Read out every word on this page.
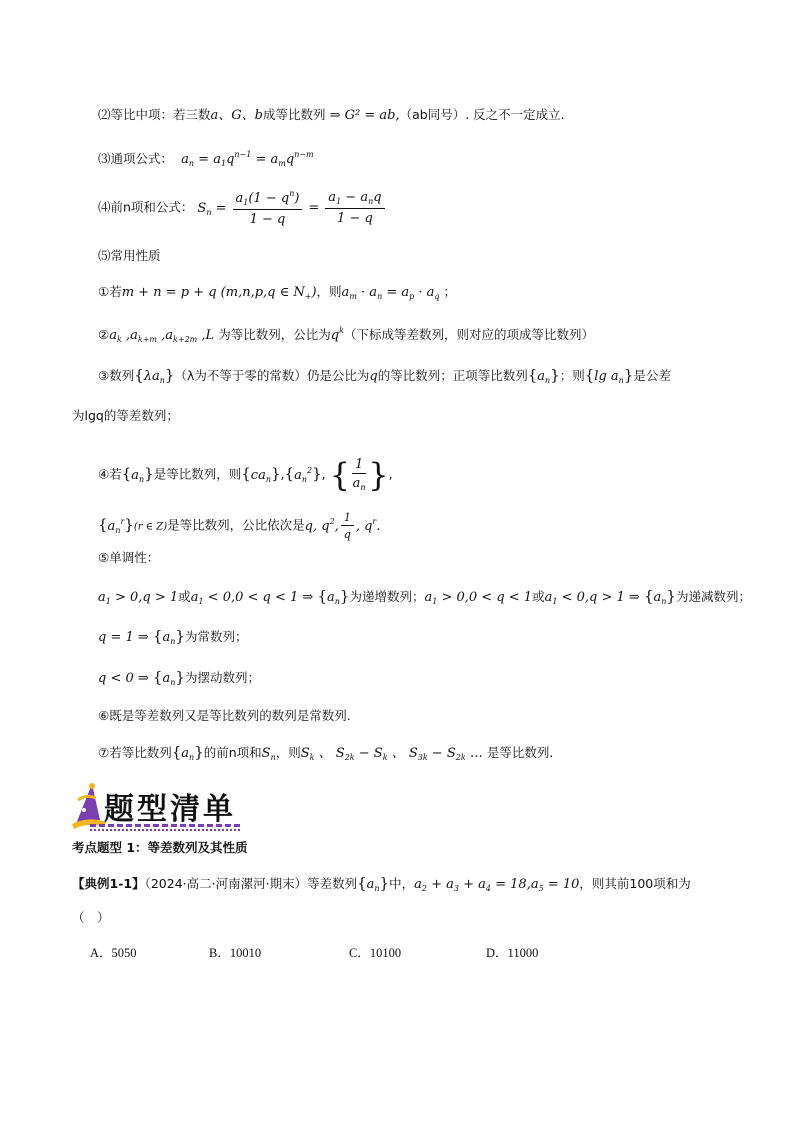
⑵等比中项：若三数a、G、b成等比数列 ⇒ G² = ab,（ab同号）. 反之不一定成立.
⑶通项公式：  $a_n = a_1q^{n-1} = a_mq^{n-m}$
⑷前n项和公式： $S_n = \frac{a_1(1 - q^n)}{1 - q} = \frac{a_1 - a_nq}{1 - q}$
⑸常用性质
①若m + n = p + q (m,n,p,q ∈ $N_+$)，则$a_m \cdot a_n = a_p \cdot a_q$ ；
$②a_k$ $,a_{k+m}$ $,a_{k+2m}$ ,L 为等比数列，公比为$q^k$（下标成等差数列，则对应的项成等比数列）
③数列$\{\lambda a_n\}(\lambda$为不等于零的常数）仍是公比为q的等比数列；正项等比数列$\{a_n\}$；则{lg $a_n$}是公差
为lgq的等差数列；
④若$\{a_n\}$是等比数列，则$\{ca_n\},\{a_n^2\}$, { $\frac{1}{a_n}$ },
$\{a_n^r\}(r$ ∈ Z)是等比数列，公比依次是q, $q^2$, $\frac{1}{q}$ , $q^r$.
⑤单调性：
$a_1 > 0,q > 1$或$a_1 < 0,0 < q < 1$ ⇒ $\{a_n\}$为递增数列；$a_1 > 0,0 < q < 1$或$a_1 < 0,q > 1$ ⇒ $\{a_n\}$为递减数列；
q = 1 ⇒ $\{a_n\}$为常数列；
q < 0 ⇒ $\{a_n\}$为摆动数列；
⑥既是等差数列又是等比数列的数列是常数列.
⑦若等比数列$\{a_n\}$的前n项和$S_n$，则$S_k$ 、 $S_{2k} - S_k$ 、 $S_{3k} - S_{2k}$ … 是等比数列.
题型清单
考点题型 1：等差数列及其性质
【典例1-1】（2024·高二·河南漯河·期末）等差数列$\{a_n\}$中，$a_2 + a_3 + a_4 = 18,a_5 = 10$，则其前100项和为
（　）
A．5050	B．10010	C．10100	D．11000
